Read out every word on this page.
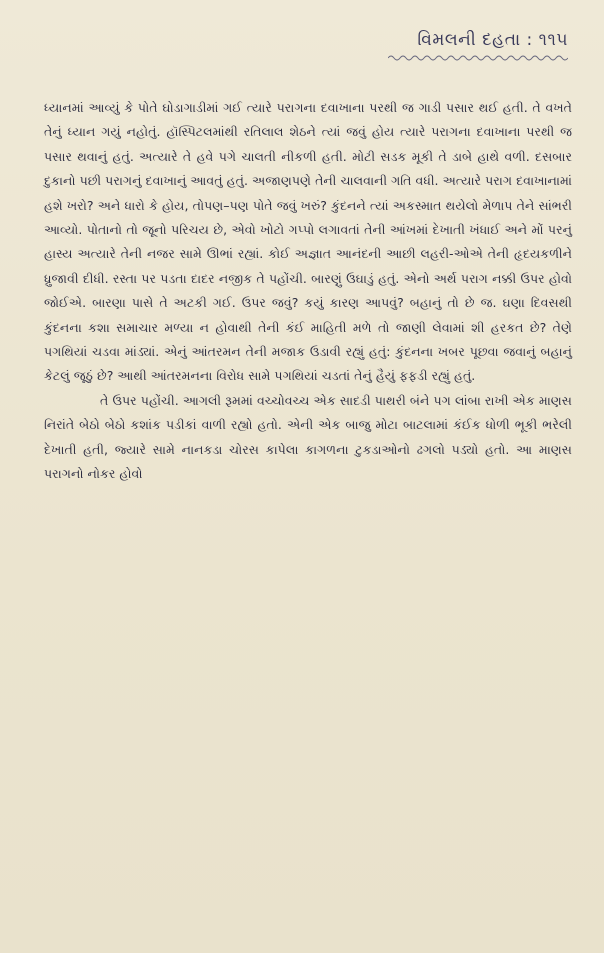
વિમલની દહતા : ૧૧૫

ધ્યાનમાં આવ્યું કે પોતે ઘોડાગાડીમાં ગઈ ત્યારે પરાગના દવાખાના પરથી જ ગાડી પસાર થઈ હતી. તે વખતે તેનું ધ્યાન ગયું નહોતું. હૉસ્પિટલમાંથી રતિલાલ શેઠને ત્યાં જવું હોય ત્યારે પરાગના દવાખાના પરથી જ પસાર થવાનું હતું. અત્યારે તે હવે પગે ચાલતી નીકળી હતી. મોટી સડક મૂકી તે ડાબે હાથે વળી. દસબાર દુકાનો પછી પરાગનું દવાખાનું આવતું હતું. અજાણપણે તેની ચાલવાની ગતિ વધી. અત્યારે પરાગ દવાખાનામાં હશે ખરો? અને ધારો કે હોય, તોપણ–પણ પોતે જવું ખરું? કુંદનને ત્યાં અકસ્માત થયેલો મેળાપ તેને સાંભરી આવ્યો. પોતાનો તો જૂનો પરિચય છે, એવો ખોટો ગપ્પો લગાવતાં તેની આંખમાં દેખાતી ખંધાઈ અને મોં પરનું હાસ્ય અત્યારે તેની નજર સામે ઊભાં રહ્યાં. કોઈ અજ્ઞાત આનંદની આછી લહરી-ઓએ તેની હૃદયકળીને ધ્રુજાવી દીધી. રસ્તા પર પડતા દાદર નજીક તે પહોંચી. બારણું ઉઘાડું હતું. એનો અર્થ પરાગ નક્કી ઉપર હોવો જોઈએ. બારણા પાસે તે અટકી ગઈ. ઉપર જવું? કયું કારણ આપવું? બહાનું તો છે જ. ઘણા દિવસથી કુંદનના કશા સમાચાર મળ્યા ન હોવાથી તેની કંઈ માહિતી મળે તો જાણી લેવામાં શી હરકત છે? તેણે પગથિયાં ચડવા માંડ્યાં. એનું આંતરમન તેની મજાક ઉડાવી રહ્યું હતું: કુંદનના ખબર પૂછવા જવાનું બહાનું કેટલું જૂઠું છે? આથી આંતરમનના વિરોધ સામે પગથિયાં ચડતાં તેનું હૈયું ફફડી રહ્યું હતું.

તે ઉપર પહોંચી. આગલી રૂમમાં વચ્ચોવચ્ચ એક સાદડી પાથરી બંને પગ લાંબા રાખી એક માણસ નિરાંતે બેઠો બેઠો કશાંક પડીકાં વાળી રહ્યો હતો. એની એક બાજુ મોટા બાટલામાં કંઈક ધોળી ભૂકી ભરેલી દેખાતી હતી, જ્યારે સામે નાનકડા ચોરસ કાપેલા કાગળના ટુકડાઓનો ઢગલો પડ્યો હતો. આ માણસ પરાગનો નોકર હોવો
